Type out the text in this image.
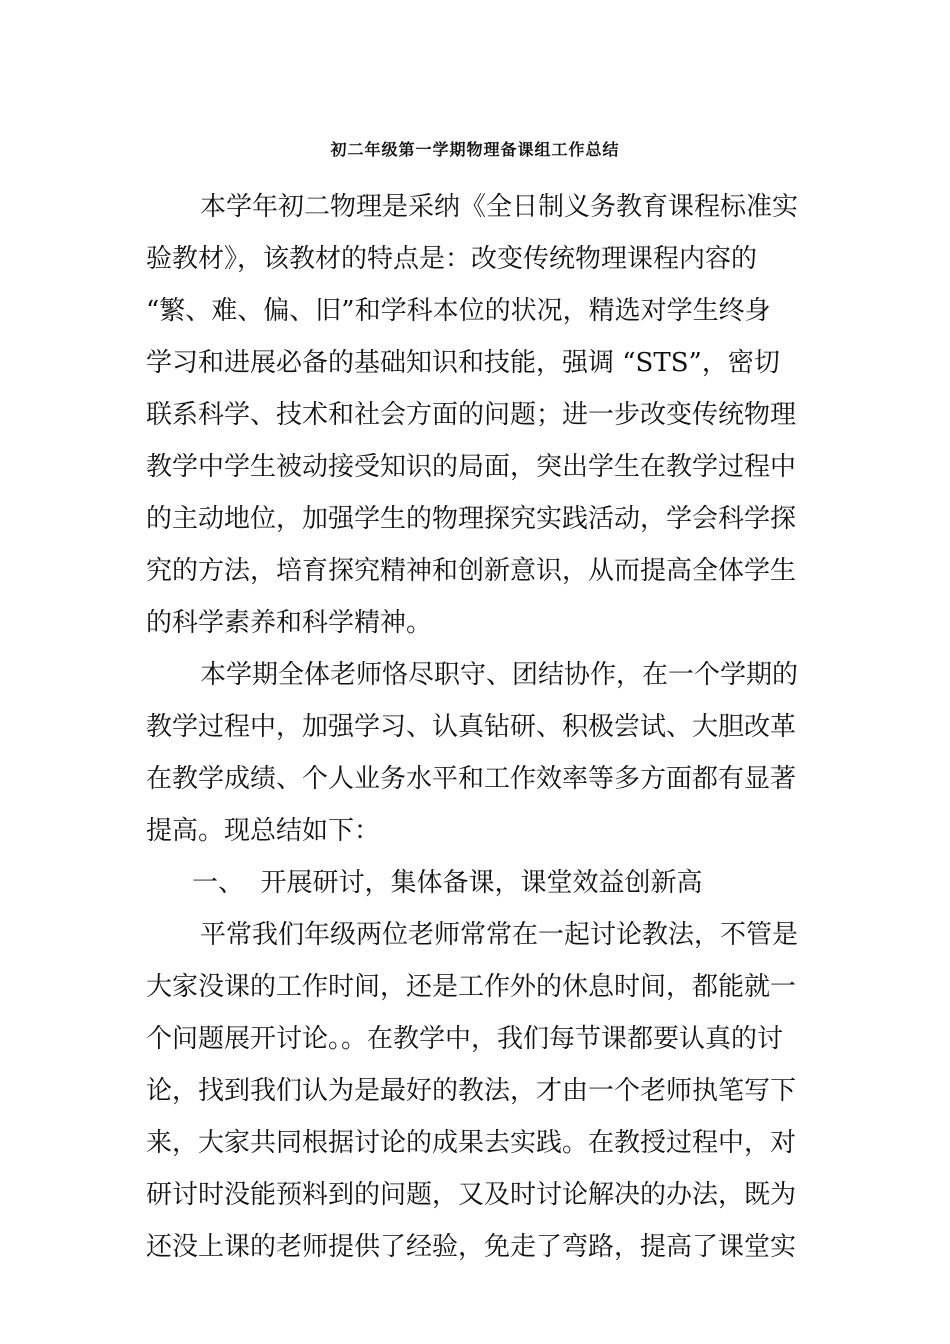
初二年级第一学期物理备课组工作总结

本学年初二物理是采纳《全日制义务教育课程标准实

验教材》，该教材的特点是：改变传统物理课程内容的

“繁、难、偏、旧”和学科本位的状况，精选对学生终身

学习和进展必备的基础知识和技能，强调 “STS”，密切

联系科学、技术和社会方面的问题；进一步改变传统物理

教学中学生被动接受知识的局面，突出学生在教学过程中

的主动地位，加强学生的物理探究实践活动，学会科学探

究的方法，培育探究精神和创新意识，从而提高全体学生

的科学素养和科学精神。

本学期全体老师恪尽职守、团结协作，在一个学期的

教学过程中，加强学习、认真钻研、积极尝试、大胆改革

在教学成绩、个人业务水平和工作效率等多方面都有显著

提高。现总结如下：

一、  开展研讨，集体备课，课堂效益创新高

平常我们年级两位老师常常在一起讨论教法，不管是

大家没课的工作时间，还是工作外的休息时间，都能就一

个问题展开讨论。。在教学中，我们每节课都要认真的讨

论，找到我们认为是最好的教法，才由一个老师执笔写下

来，大家共同根据讨论的成果去实践。在教授过程中，对

研讨时没能预料到的问题，又及时讨论解决的办法，既为

还没上课的老师提供了经验，免走了弯路，提高了课堂实
